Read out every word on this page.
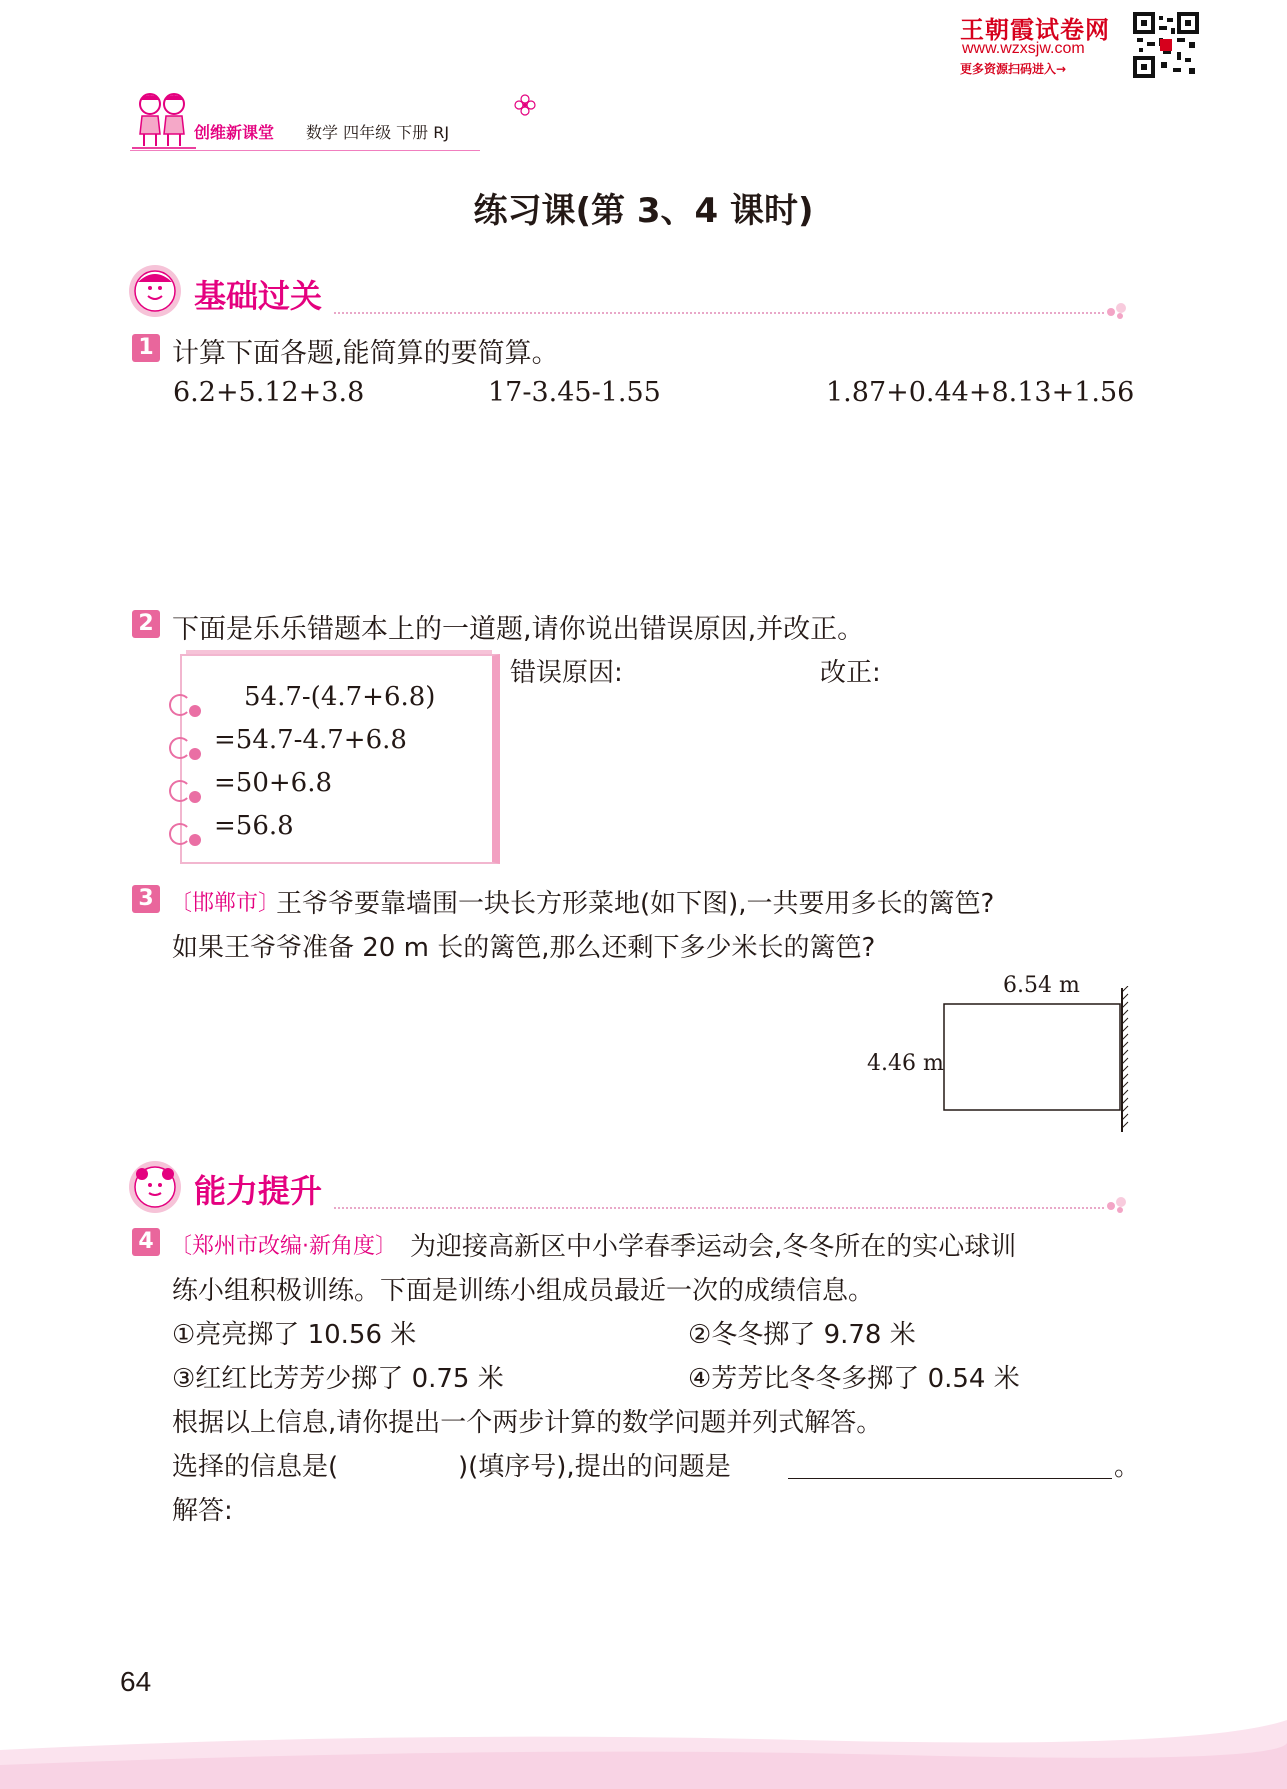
王朝霞试卷网
www.wzxsjw.com
更多资源扫码进入→
创维新课堂 数学 四年级 下册 RJ
练习课(第 3、4 课时)
基础过关
1 计算下面各题,能简算的要简算。
6.2+5.12+3.8	17-3.45-1.55	1.87+0.44+8.13+1.56
2 下面是乐乐错题本上的一道题,请你说出错误原因,并改正。
54.7-(4.7+6.8)
=54.7-4.7+6.8
=50+6.8
=56.8
错误原因:	改正:
3 〔邯郸市〕
王爷爷要靠墙围一块长方形菜地(如下图),一共要用多长的篱笆?
如果王爷爷准备 20 m 长的篱笆,那么还剩下多少米长的篱笆?
6.54 m
4.46 m
能力提升
4 〔郑州市改编·新角度〕 为迎接高新区中小学春季运动会,冬冬所在的实心球训
练小组积极训练。下面是训练小组成员最近一次的成绩信息。
①亮亮掷了 10.56 米	②冬冬掷了 9.78 米
③红红比芳芳少掷了 0.75 米	④芳芳比冬冬多掷了 0.54 米
根据以上信息,请你提出一个两步计算的数学问题并列式解答。
选择的信息是(	)(填序号),提出的问题是	。
解答:
64
